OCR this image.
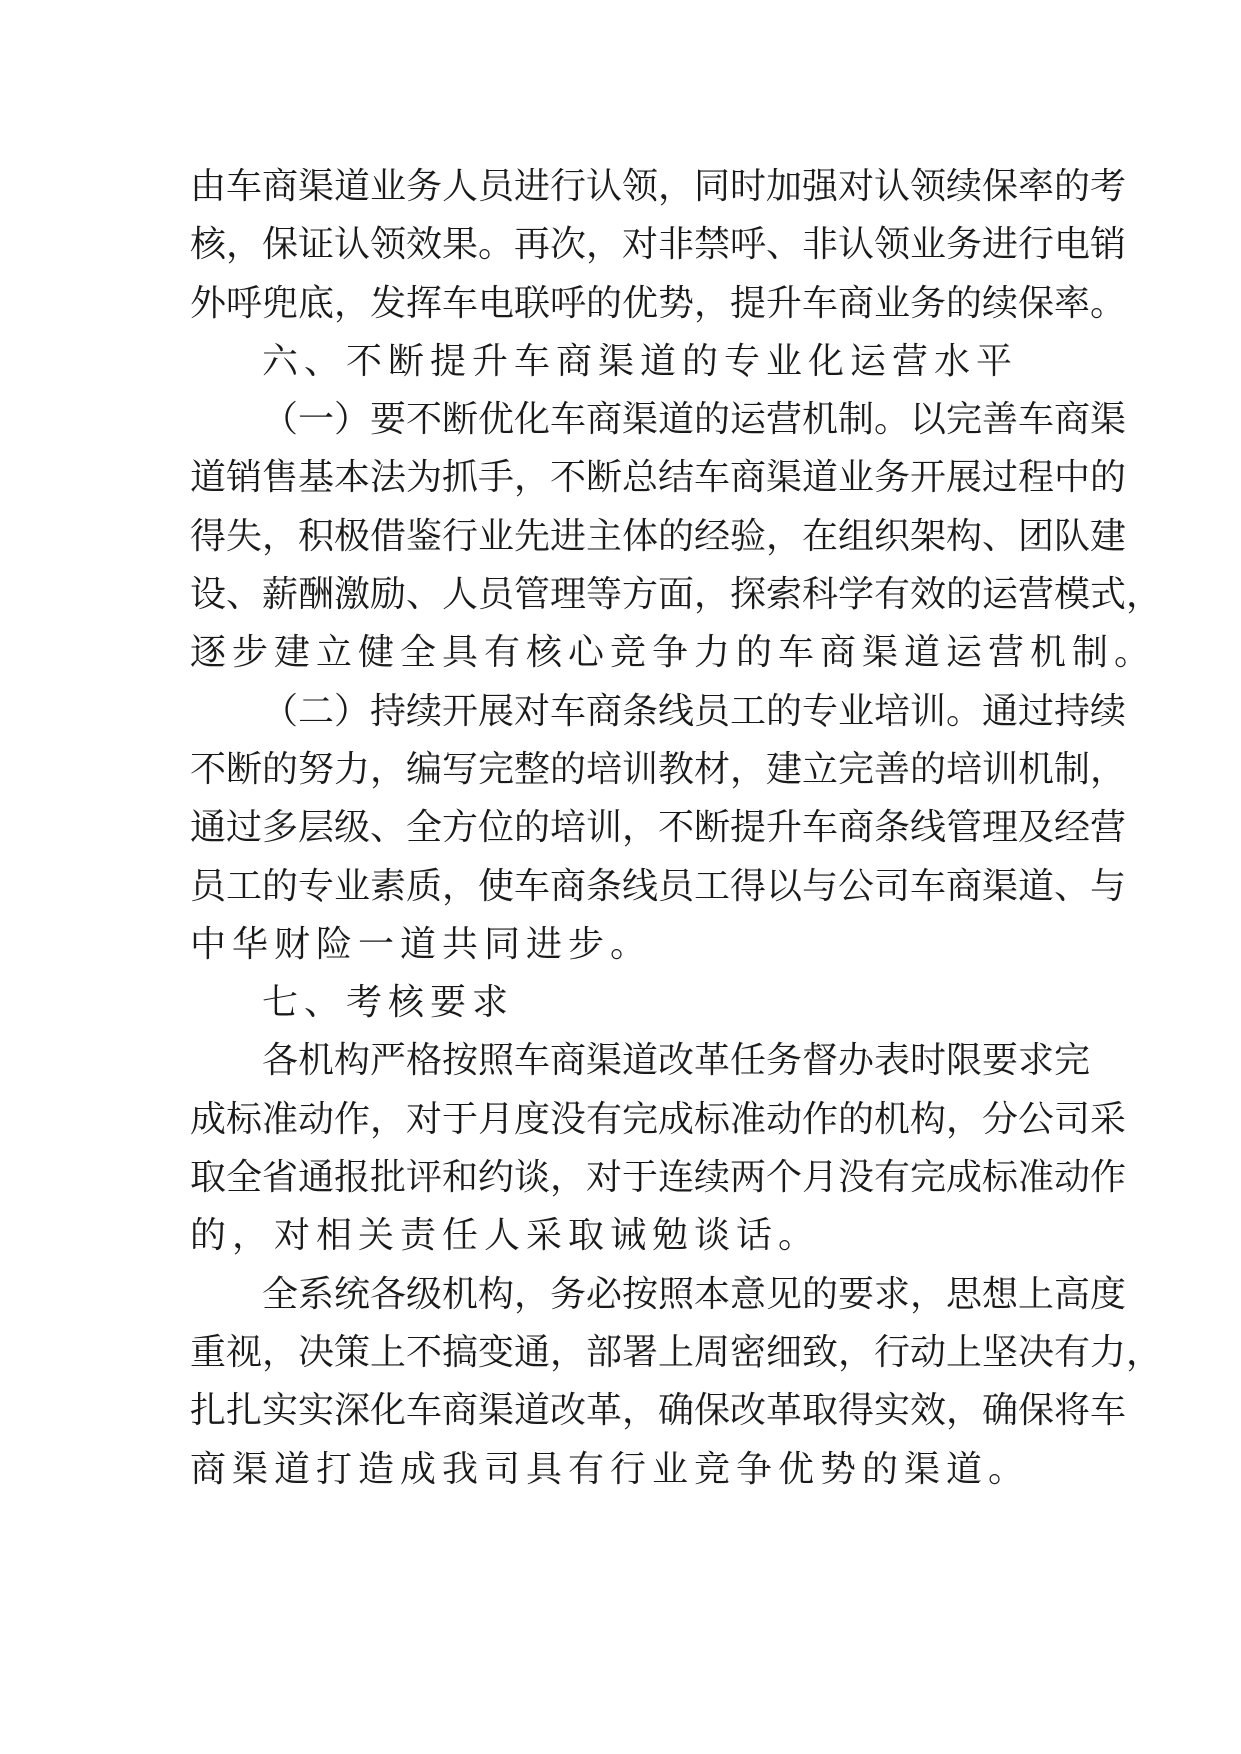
由车商渠道业务人员进行认领，同时加强对认领续保率的考
核，保证认领效果。再次，对非禁呼、非认领业务进行电销
外呼兜底，发挥车电联呼的优势，提升车商业务的续保率。
六、不断提升车商渠道的专业化运营水平
（一）要不断优化车商渠道的运营机制。以完善车商渠
道销售基本法为抓手，不断总结车商渠道业务开展过程中的
得失，积极借鉴行业先进主体的经验，在组织架构、团队建
设、薪酬激励、人员管理等方面，探索科学有效的运营模式，
逐步建立健全具有核心竞争力的车商渠道运营机制。
（二）持续开展对车商条线员工的专业培训。通过持续
不断的努力，编写完整的培训教材，建立完善的培训机制，
通过多层级、全方位的培训，不断提升车商条线管理及经营
员工的专业素质，使车商条线员工得以与公司车商渠道、与
中华财险一道共同进步。
七、考核要求
各机构严格按照车商渠道改革任务督办表时限要求完
成标准动作，对于月度没有完成标准动作的机构，分公司采
取全省通报批评和约谈，对于连续两个月没有完成标准动作
的，对相关责任人采取诫勉谈话。
全系统各级机构，务必按照本意见的要求，思想上高度
重视，决策上不搞变通，部署上周密细致，行动上坚决有力，
扎扎实实深化车商渠道改革，确保改革取得实效，确保将车
商渠道打造成我司具有行业竞争优势的渠道。
